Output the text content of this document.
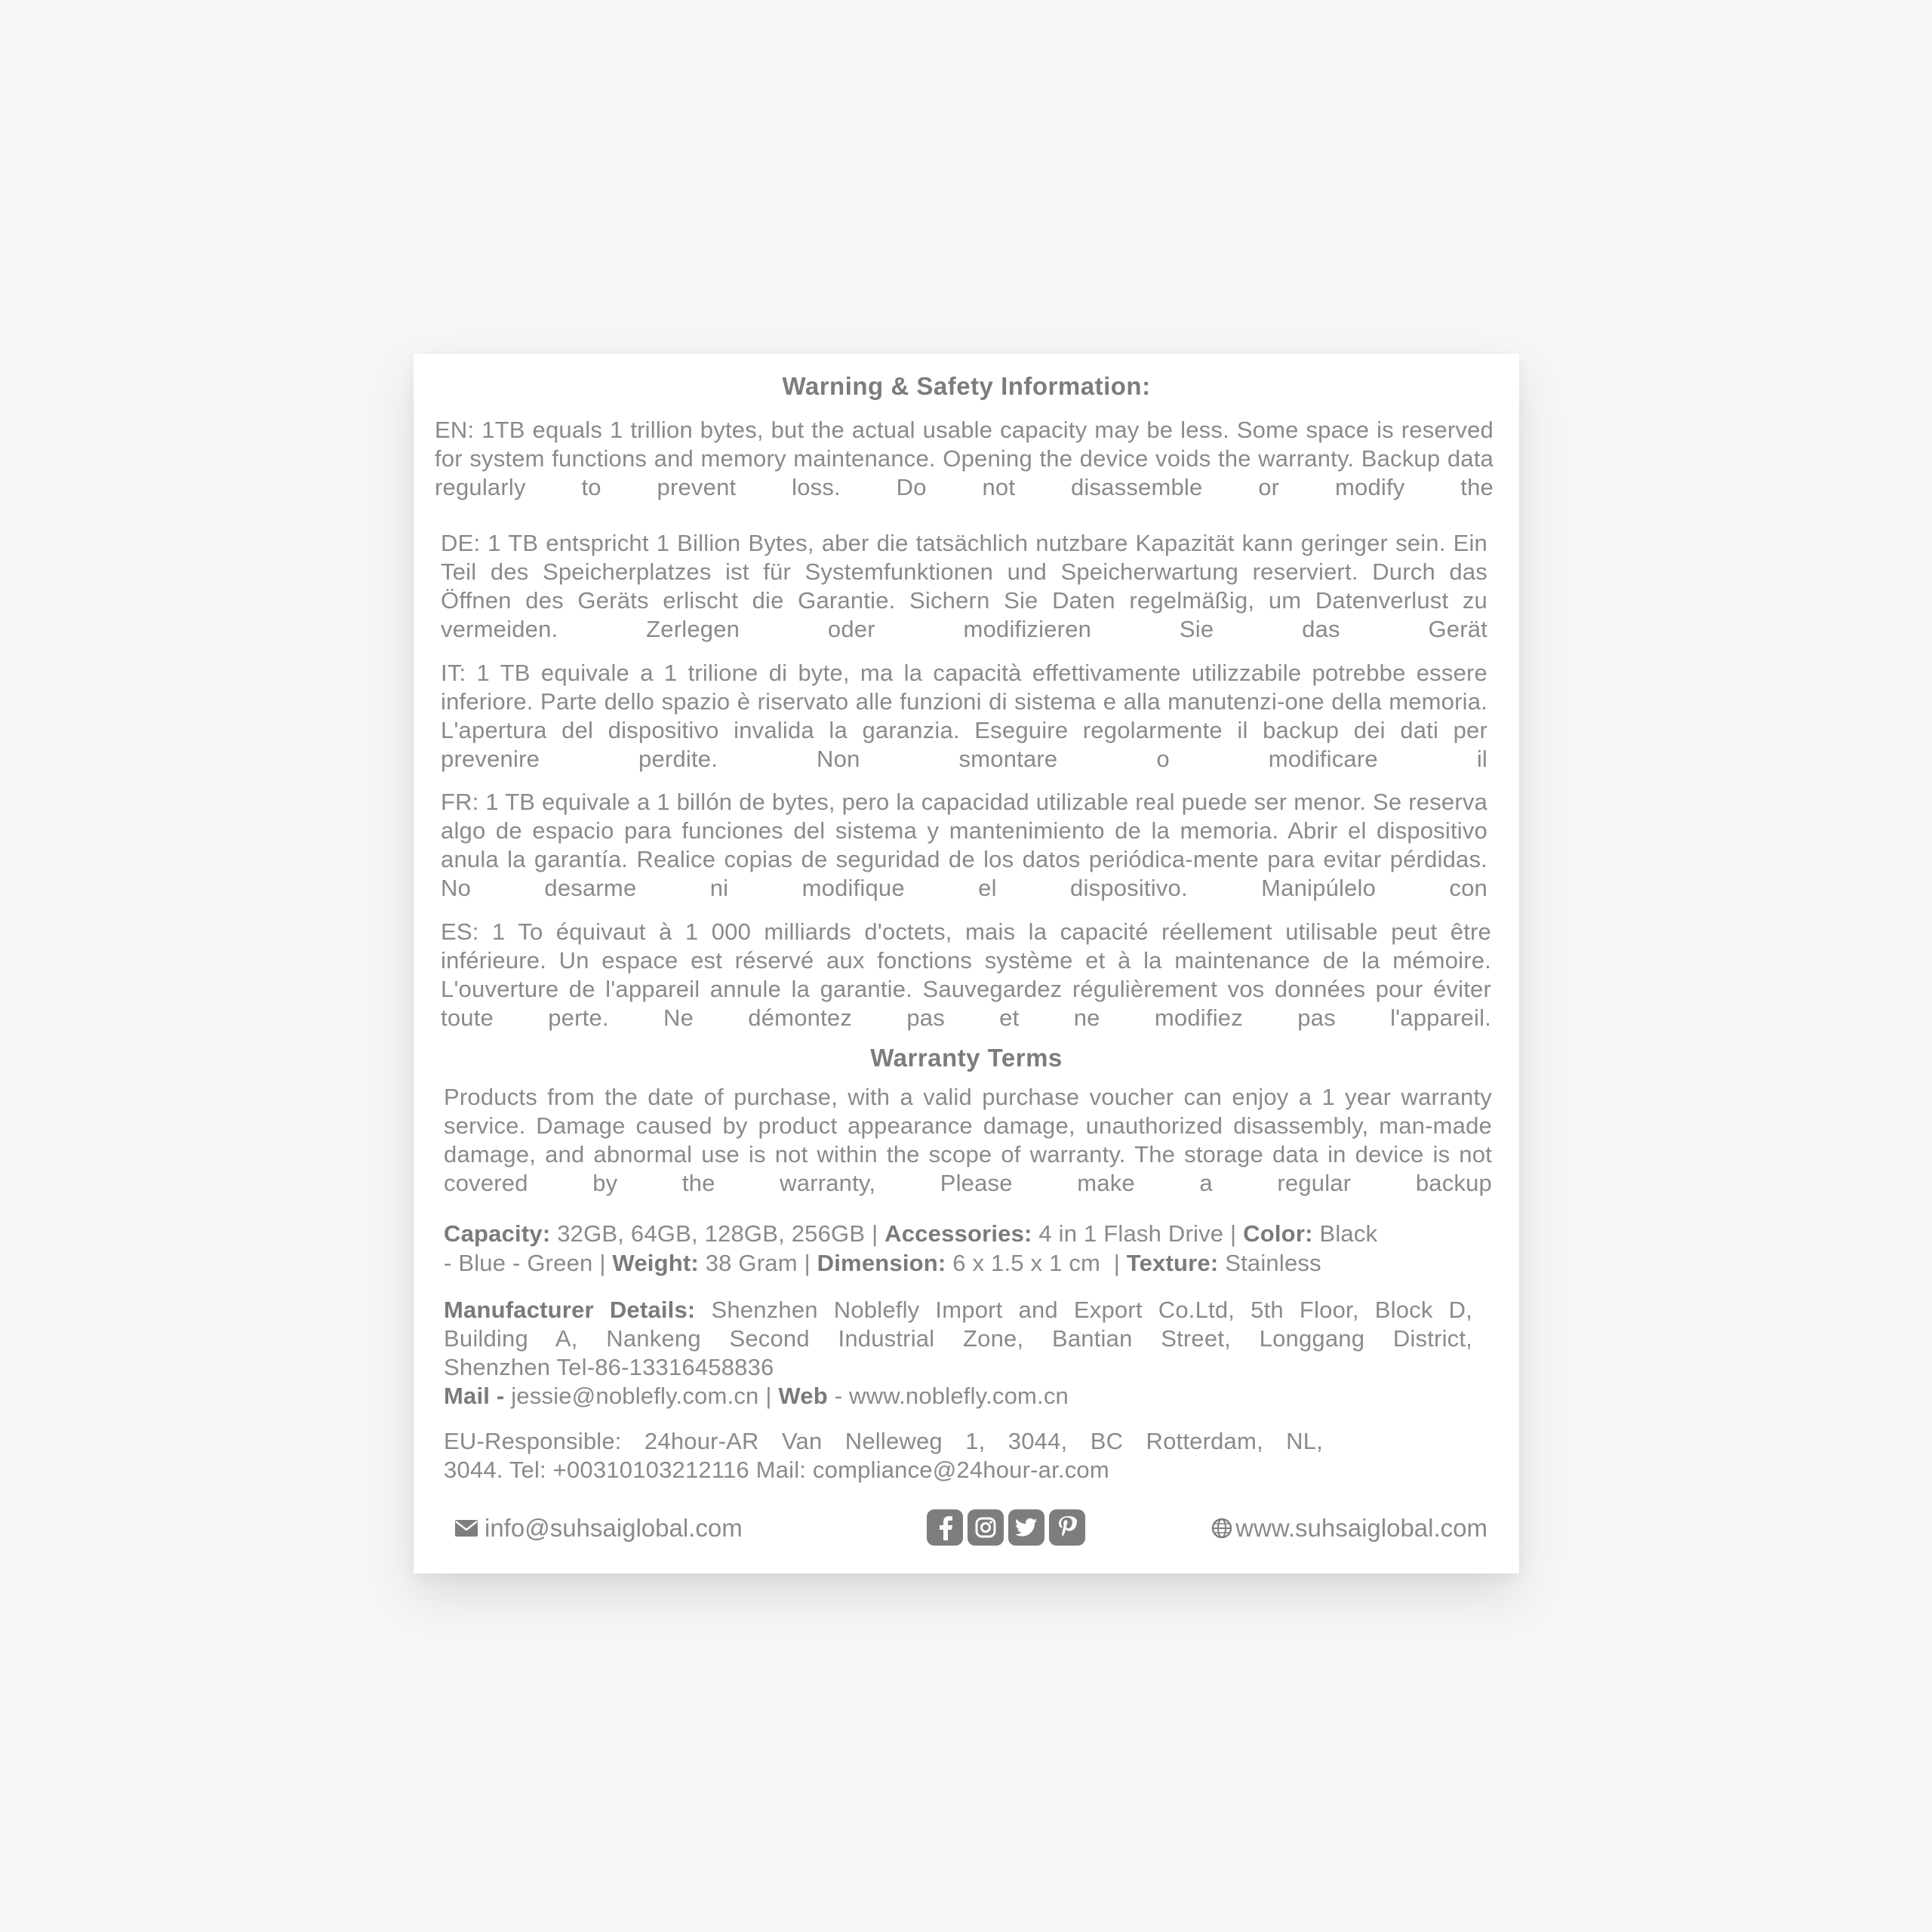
Warning & Safety Information:

EN: 1TB equals 1 trillion bytes, but the actual usable capacity may be less. Some space is reserved for system functions and memory maintenance. Opening the device voids the warranty. Backup data regularly to prevent loss. Do not disassemble or modify the

DE: 1 TB entspricht 1 Billion Bytes, aber die tatsächlich nutzbare Kapazität kann geringer sein. Ein Teil des Speicherplatzes ist für Systemfunktionen und Speicherwartung reserviert. Durch das Öffnen des Geräts erlischt die Garantie. Sichern Sie Daten regelmäßig, um Datenverlust zu vermeiden. Zerlegen oder modifizieren Sie das Gerät

IT: 1 TB equivale a 1 trilione di byte, ma la capacità effettivamente utilizzabile potrebbe essere inferiore. Parte dello spazio è riservato alle funzioni di sistema e alla manutenzi-one della memoria. L'apertura del dispositivo invalida la garanzia. Eseguire regolarmente il backup dei dati per prevenire perdite. Non smontare o modificare il

FR: 1 TB equivale a 1 billón de bytes, pero la capacidad utilizable real puede ser menor. Se reserva algo de espacio para funciones del sistema y mantenimiento de la memoria. Abrir el dispositivo anula la garantía. Realice copias de seguridad de los datos periódica-mente para evitar pérdidas. No desarme ni modifique el dispositivo. Manipúlelo con

ES: 1 To équivaut à 1 000 milliards d'octets, mais la capacité réellement utilisable peut être inférieure. Un espace est réservé aux fonctions système et à la maintenance de la mémoire. L'ouverture de l'appareil annule la garantie. Sauvegardez régulièrement vos données pour éviter toute perte. Ne démontez pas et ne modifiez pas l'appareil.

Warranty Terms

Products from the date of purchase, with a valid purchase voucher can enjoy a 1 year warranty service. Damage caused by product appearance damage, unauthorized disassembly, man-made damage, and abnormal use is not within the scope of warranty. The storage data in device is not covered by the warranty, Please make a regular backup

Capacity: 32GB, 64GB, 128GB, 256GB | Accessories: 4 in 1 Flash Drive | Color: Black
- Blue - Green | Weight: 38 Gram | Dimension: 6 x 1.5 x 1 cm | Texture: Stainless
Manufacturer Details: Shenzhen Noblefly Import and Export Co.Ltd, 5th Floor, Block D,
Building A, Nankeng Second Industrial Zone, Bantian Street, Longgang District,
Shenzhen Tel-86-13316458836
Mail - jessie@noblefly.com.cn | Web - www.noblefly.com.cn
EU-Responsible: 24hour-AR Van Nelleweg 1, 3044, BC Rotterdam, NL,
3044. Tel: +00310103212116 Mail: compliance@24hour-ar.com
info@suhsaiglobal.com	www.suhsaiglobal.com
